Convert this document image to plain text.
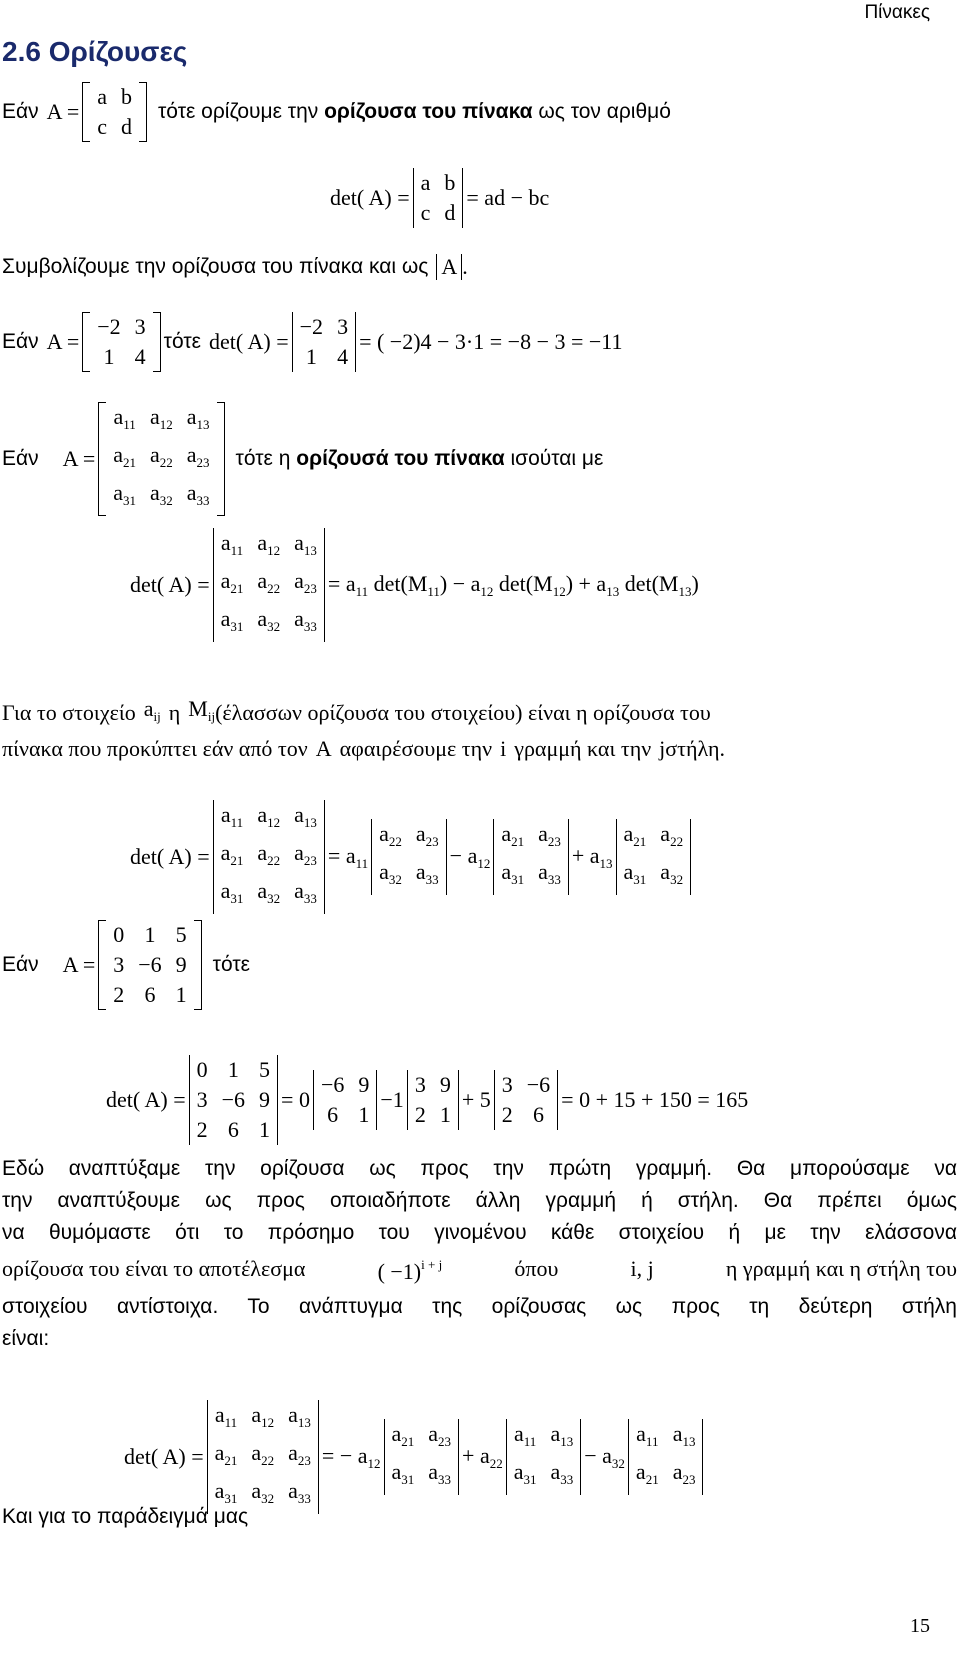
Πίνακες
2.6 Ορίζουσες
Εάν A =
a b
c d
τότε ορίζουμε την ορίζουσα του πίνακα ως τον αριθμό
det( A) =
a b
c d
= ad − bc
Συμβολίζουμε την ορίζουσα του πίνακα και ως A .
Εάν A =
−2 3
1 4
τότε det( A) =
−2 3
1 4
= ( −2)4 − 3·1 = −8 − 3 = −11
Εάν A =
$a_{11}$ $a_{12}$ $a_{13}$
$a_{21}$ $a_{22}$ $a_{23}$
$a_{31}$ $a_{32}$ $a_{33}$
τότε η ορίζουσά του πίνακα ισούται με
det( A) =
$a_{11}$ $a_{12}$ $a_{13}$
$a_{21}$ $a_{22}$ $a_{23}$
$a_{31}$ $a_{32}$ $a_{33}$
= $a_{11}$ $\det(M_{11}) - a_{12}$ $\det(M_{12}) + a_{13}$ $\det(M_{13})$
Για το στοιχείο $a_{ij}$ η $M_{ij}$ (έλασσων ορίζουσα του στοιχείου) είναι η ορίζουσα του
πίνακα που προκύπτει εάν από τον A αφαιρέσουμε την i γραμμή και την j στήλη.
det( A) =
$a_{11}$ $a_{12}$ $a_{13}$
$a_{21}$ $a_{22}$ $a_{23}$
$a_{31}$ $a_{32}$ $a_{33}$
= $a_{11}$
$a_{22}$ $a_{23}$
$a_{32}$ $a_{33}$
− $a_{12}$
$a_{21}$ $a_{23}$
$a_{31}$ $a_{33}$
+ $a_{13}$
$a_{21}$ $a_{22}$
$a_{31}$ $a_{32}$
Εάν A =
0 1 5
3 −6 9
2 6 1
τότε
det( A) =
0 1 5
3 −6 9
2 6 1
= 0
−6 9
6 1
−1
3 9
2 1
+ 5
3 −6
2 6
= 0 + 15 + 150 = 165
Εδώ αναπτύξαμε την ορίζουσα ως προς την πρώτη γραμμή. Θα μπορούσαμε να
την αναπτύξουμε ως προς οποιαδήποτε άλλη γραμμή ή στήλη. Θα πρέπει όμως
να θυμόμαστε ότι το πρόσημο του γινομένου κάθε στοιχείου ή με την ελάσσονα
ορίζουσα του είναι το αποτέλεσμα	( −1)$^{i + j}$	όπου	i, j	η γραμμή και η στήλη του
στοιχείου αντίστοιχα. Το ανάπτυγμα της ορίζουσας ως προς τη δεύτερη στήλη
είναι:
det( A) =
$a_{11}$ $a_{12}$ $a_{13}$
$a_{21}$ $a_{22}$ $a_{23}$
$a_{31}$ $a_{32}$ $a_{33}$
= − $a_{12}$
$a_{21}$ $a_{23}$
$a_{31}$ $a_{33}$
+ $a_{22}$
$a_{11}$ $a_{13}$
$a_{31}$ $a_{33}$
− $a_{32}$
$a_{11}$ $a_{13}$
$a_{21}$ $a_{23}$
Και για το παράδειγμά μας
15
